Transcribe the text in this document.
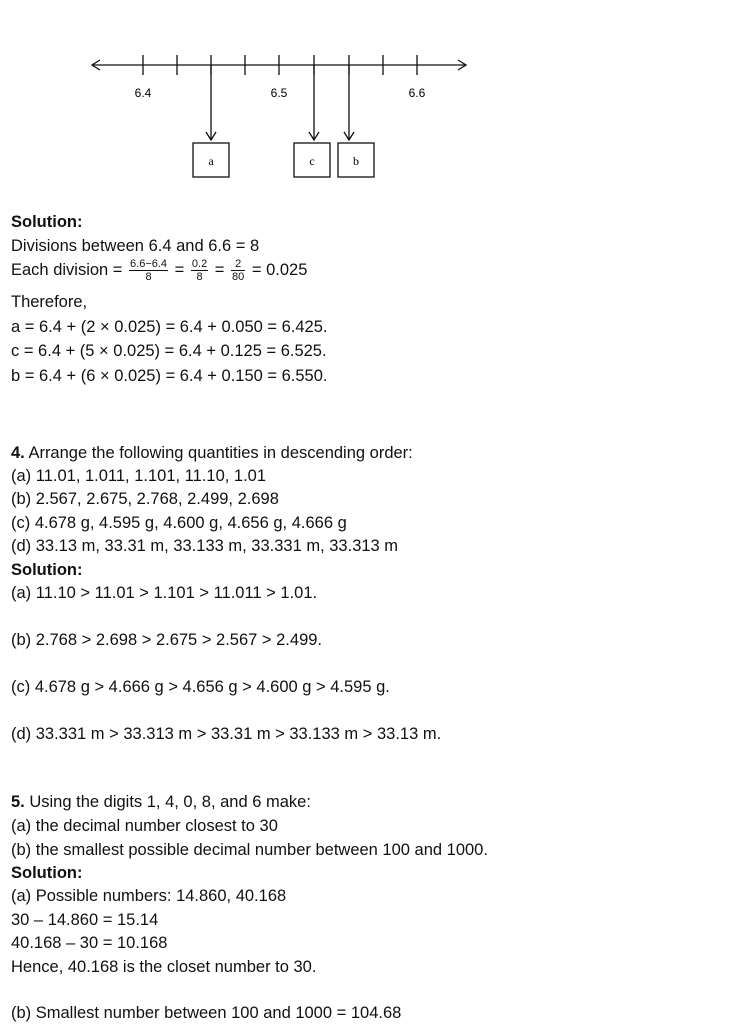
6.4	6.5	6.6
a	c	b
Solution:
Divisions between 6.4 and 6.6 = 8
Each division = $\frac{6.6-6.4}{8} = \frac{0.2}{8} = \frac{2}{80} = 0.025$
Therefore,
a = 6.4 + (2 × 0.025) = 6.4 + 0.050 = 6.425.
c = 6.4 + (5 × 0.025) = 6.4 + 0.125 = 6.525.
b = 6.4 + (6 × 0.025) = 6.4 + 0.150 = 6.550.
4. Arrange the following quantities in descending order:
(a) 11.01, 1.011, 1.101, 11.10, 1.01
(b) 2.567, 2.675, 2.768, 2.499, 2.698
(c) 4.678 g, 4.595 g, 4.600 g, 4.656 g, 4.666 g
(d) 33.13 m, 33.31 m, 33.133 m, 33.331 m, 33.313 m
Solution:
(a) 11.10 > 11.01 > 1.101 > 11.011 > 1.01.
(b) 2.768 > 2.698 > 2.675 > 2.567 > 2.499.
(c) 4.678 g > 4.666 g > 4.656 g > 4.600 g > 4.595 g.
(d) 33.331 m > 33.313 m > 33.31 m > 33.133 m > 33.13 m.
5. Using the digits 1, 4, 0, 8, and 6 make:
(a) the decimal number closest to 30
(b) the smallest possible decimal number between 100 and 1000.
Solution:
(a) Possible numbers: 14.860, 40.168
30 – 14.860 = 15.14
40.168 – 30 = 10.168
Hence, 40.168 is the closet number to 30.
(b) Smallest number between 100 and 1000 = 104.68
